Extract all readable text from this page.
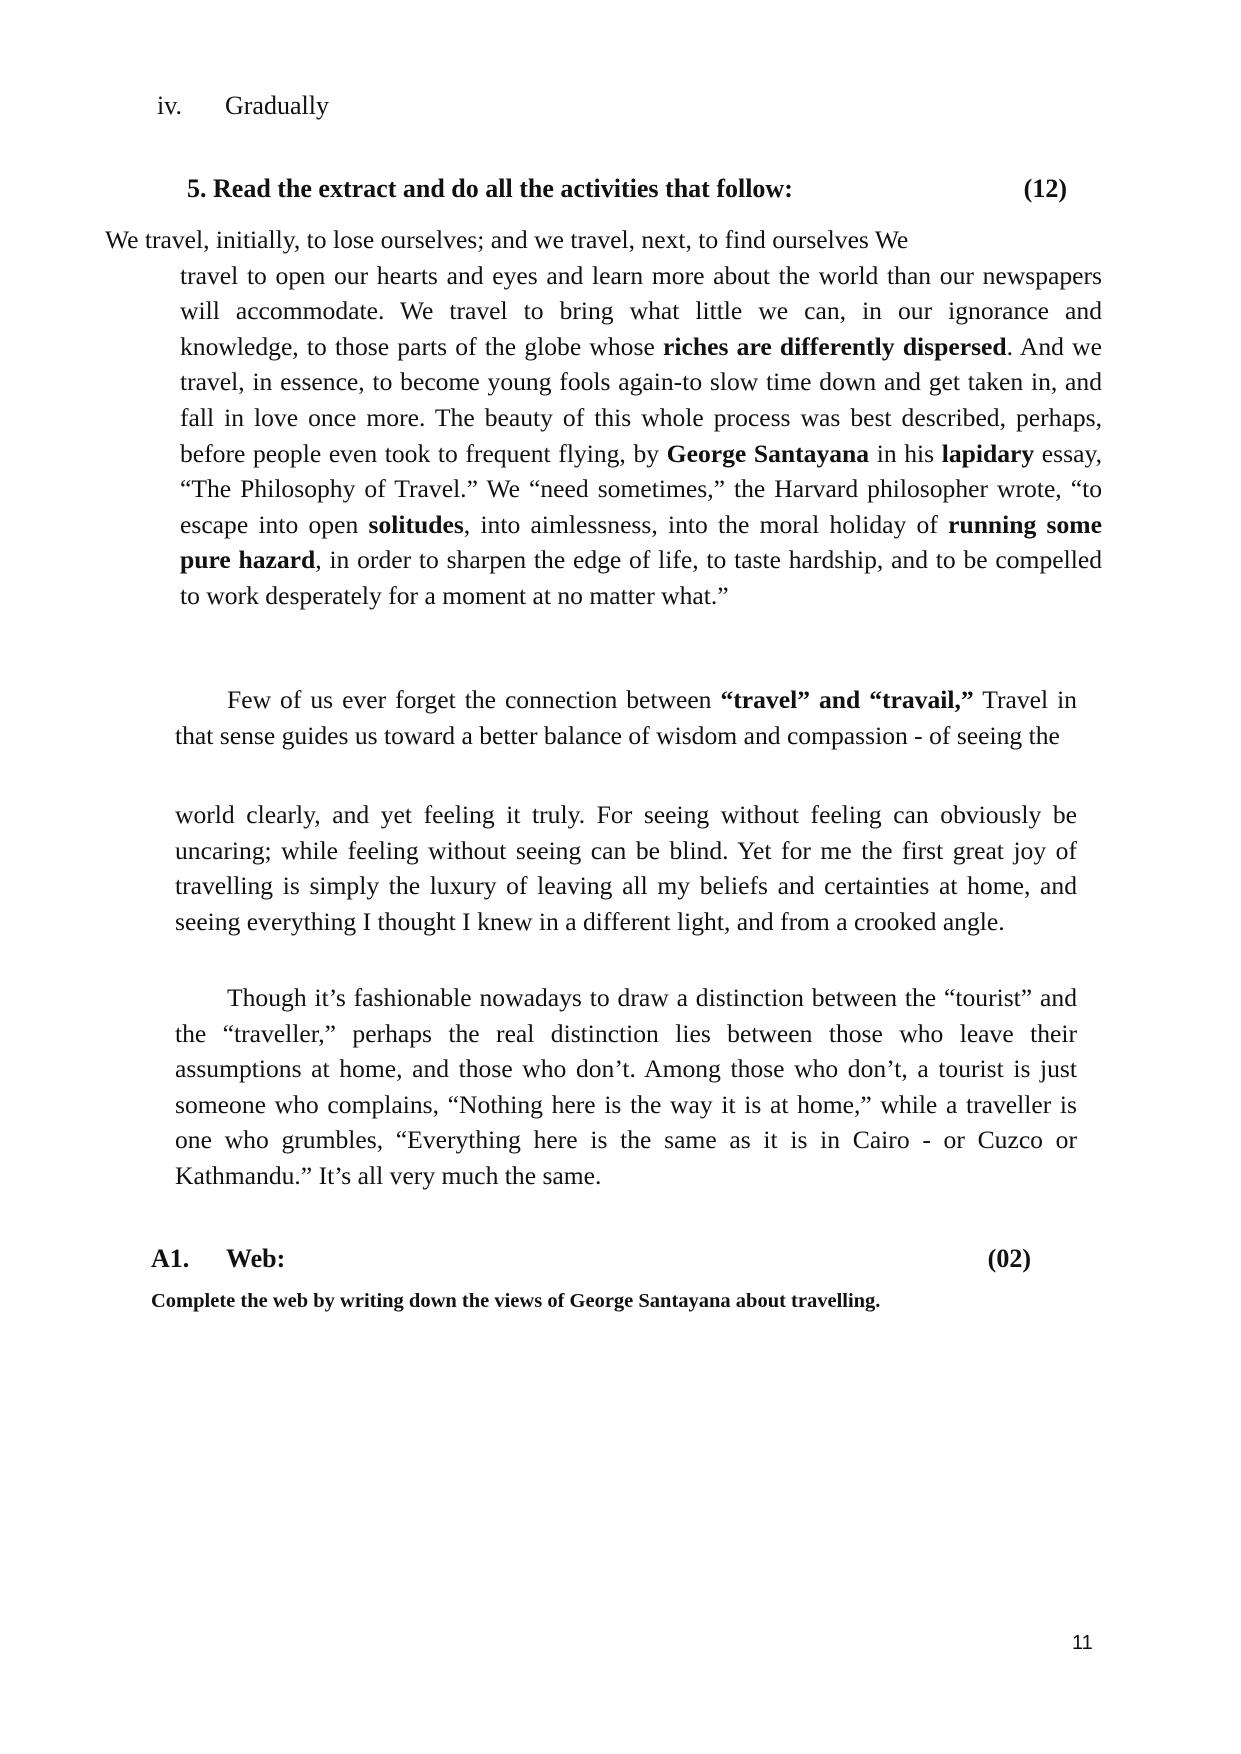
iv. Gradually
5. Read the extract and do all the activities that follow:	(12)
We travel, initially, to lose ourselves; and we travel, next, to find ourselves We
travel to open our hearts and eyes and learn more about the world than our newspapers will accommodate. We travel to bring what little we can, in our ignorance and knowledge, to those parts of the globe whose riches are differently dispersed. And we travel, in essence, to become young fools again-to slow time down and get taken in, and fall in love once more. The beauty of this whole process was best described, perhaps, before people even took to frequent flying, by George Santayana in his lapidary essay, “The Philosophy of Travel.” We “need sometimes,” the Harvard philosopher wrote, “to escape into open solitudes, into aimlessness, into the moral holiday of running some pure hazard, in order to sharpen the edge of life, to taste hardship, and to be compelled to work desperately for a moment at no matter what.”
Few of us ever forget the connection between “travel” and “travail,” Travel in that sense guides us toward a better balance of wisdom and compassion - of seeing the
world clearly, and yet feeling it truly. For seeing without feeling can obviously be uncaring; while feeling without seeing can be blind. Yet for me the first great joy of travelling is simply the luxury of leaving all my beliefs and certainties at home, and seeing everything I thought I knew in a different light, and from a crooked angle.
Though it’s fashionable nowadays to draw a distinction between the “tourist” and the “traveller,” perhaps the real distinction lies between those who leave their assumptions at home, and those who don’t. Among those who don’t, a tourist is just someone who complains, “Nothing here is the way it is at home,” while a traveller is one who grumbles, “Everything here is the same as it is in Cairo - or Cuzco or Kathmandu.” It’s all very much the same.
A1. Web:	(02)
Complete the web by writing down the views of George Santayana about travelling.
11
